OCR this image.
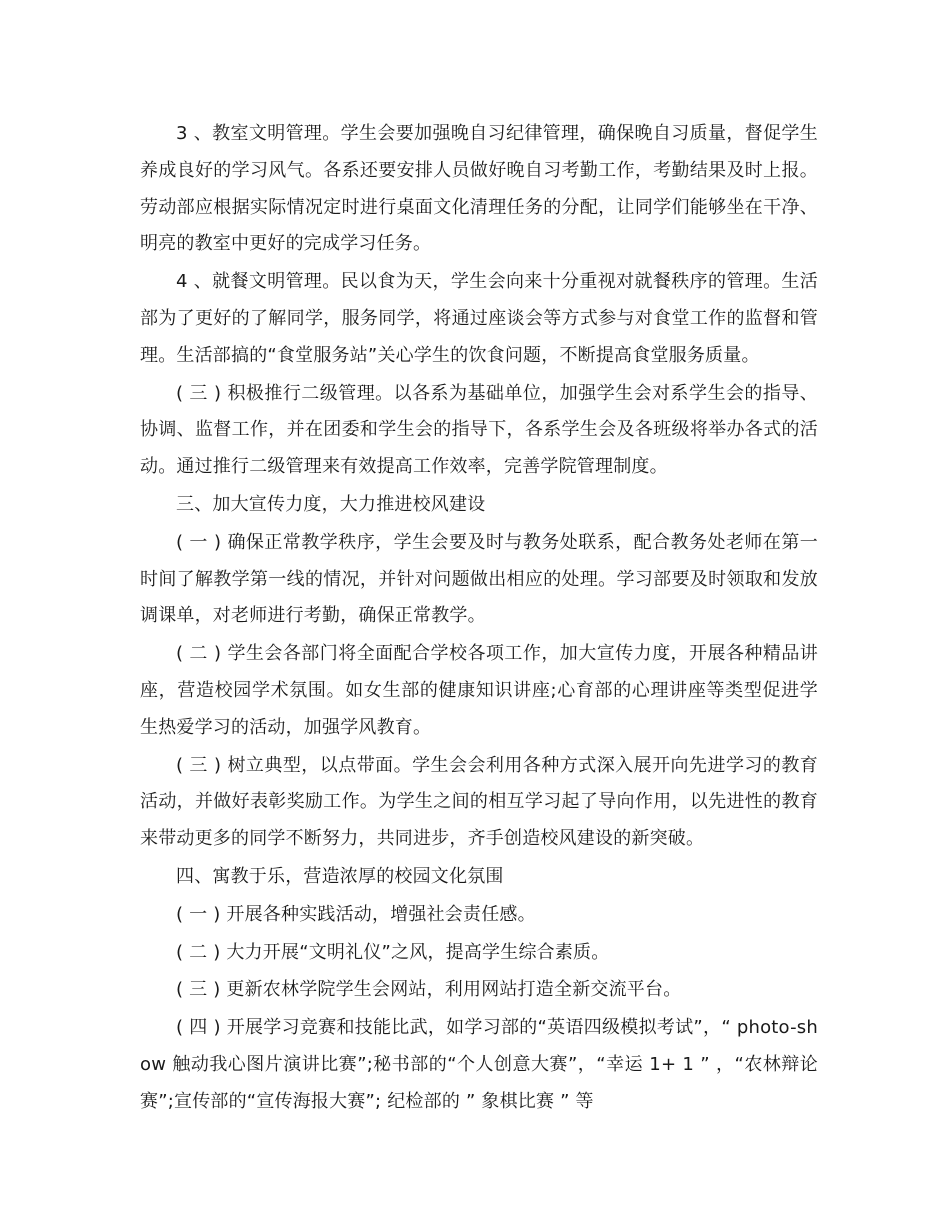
3 、教室文明管理。学生会要加强晚自习纪律管理，确保晚自习质量，督促学生养成良好的学习风气。各系还要安排人员做好晚自习考勤工作，考勤结果及时上报。劳动部应根据实际情况定时进行桌面文化清理任务的分配，让同学们能够坐在干净、明亮的教室中更好的完成学习任务。

4 、就餐文明管理。民以食为天，学生会向来十分重视对就餐秩序的管理。生活部为了更好的了解同学，服务同学，将通过座谈会等方式参与对食堂工作的监督和管理。生活部搞的“食堂服务站”关心学生的饮食问题，不断提高食堂服务质量。

( 三 ) 积极推行二级管理。以各系为基础单位，加强学生会对系学生会的指导、协调、监督工作，并在团委和学生会的指导下，各系学生会及各班级将举办各式的活动。通过推行二级管理来有效提高工作效率，完善学院管理制度。

三、加大宣传力度，大力推进校风建设

( 一 ) 确保正常教学秩序，学生会要及时与教务处联系，配合教务处老师在第一时间了解教学第一线的情况，并针对问题做出相应的处理。学习部要及时领取和发放调课单，对老师进行考勤，确保正常教学。

( 二 ) 学生会各部门将全面配合学校各项工作，加大宣传力度，开展各种精品讲座，营造校园学术氛围。如女生部的健康知识讲座;心育部的心理讲座等类型促进学生热爱学习的活动，加强学风教育。

( 三 ) 树立典型，以点带面。学生会会利用各种方式深入展开向先进学习的教育活动，并做好表彰奖励工作。为学生之间的相互学习起了导向作用，以先进性的教育来带动更多的同学不断努力，共同进步，齐手创造校风建设的新突破。

四、寓教于乐，营造浓厚的校园文化氛围

( 一 ) 开展各种实践活动，增强社会责任感。

( 二 ) 大力开展“文明礼仪”之风，提高学生综合素质。

( 三 ) 更新农林学院学生会网站，利用网站打造全新交流平台。

( 四 ) 开展学习竞赛和技能比武，如学习部的“英语四级模拟考试”，“ photo-show 触动我心图片演讲比赛”;秘书部的“个人创意大赛”，“幸运 1+ 1 ” ，“农林辩论赛”;宣传部的“宣传海报大赛”; 纪检部的 ” 象棋比赛 ” 等
